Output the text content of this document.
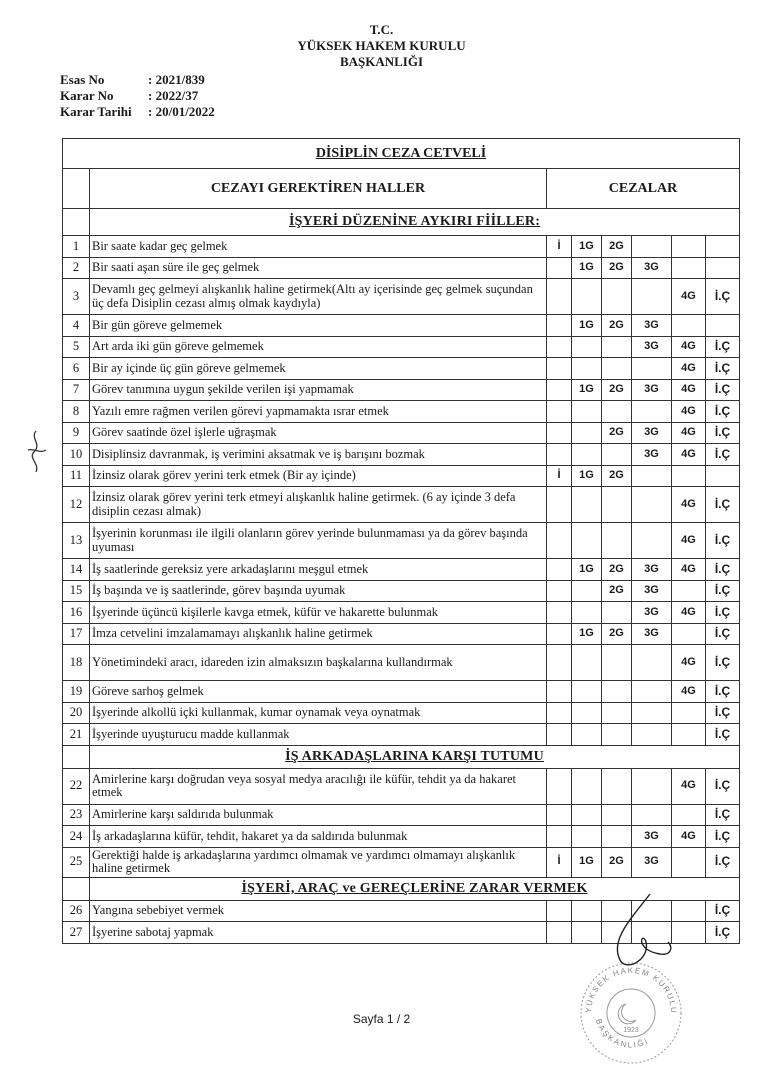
T.C.
YÜKSEK HAKEM KURULU
BAŞKANLIĞI
Esas No	: 2021/839
Karar No	: 2022/37
Karar Tarihi	: 20/01/2022
DİSİPLİN CEZA CETVELİ							
	CEZAYI GEREKTİREN HALLER	CEZALAR					
	İŞYERİ DÜZENİNE AYKIRI FİİLLER:						
1	Bir saate kadar geç gelmek	İ	1G	2G			
2	Bir saati aşan süre ile geç gelmek		1G	2G	3G		
3	Devamlı geç gelmeyi alışkanlık haline getirmek(Altı ay içerisinde geç gelmek suçundan üç defa Disiplin cezası almış olmak kaydıyla)					4G	İ.Ç
4	Bir gün göreve gelmemek		1G	2G	3G		
5	Art arda iki gün göreve gelmemek				3G	4G	İ.Ç
6	Bir ay içinde üç gün göreve gelmemek					4G	İ.Ç
7	Görev tanımına uygun şekilde verilen işi yapmamak		1G	2G	3G	4G	İ.Ç
8	Yazılı emre rağmen verilen görevi yapmamakta ısrar etmek					4G	İ.Ç
9	Görev saatinde özel işlerle uğraşmak			2G	3G	4G	İ.Ç
10	Disiplinsiz davranmak, iş verimini aksatmak ve iş barışını bozmak				3G	4G	İ.Ç
11	İzinsiz olarak görev yerini terk etmek (Bir ay içinde)	İ	1G	2G			
12	İzinsiz olarak görev yerini terk etmeyi alışkanlık haline getirmek. (6 ay içinde 3 defa disiplin cezası almak)					4G	İ.Ç
13	İşyerinin korunması ile ilgili olanların görev yerinde bulunmaması ya da görev başında uyuması					4G	İ.Ç
14	İş saatlerinde gereksiz yere arkadaşlarını meşgul etmek		1G	2G	3G	4G	İ.Ç
15	İş başında ve iş saatlerinde, görev başında uyumak			2G	3G		İ.Ç
16	İşyerinde üçüncü kişilerle kavga etmek, küfür ve hakarette bulunmak				3G	4G	İ.Ç
17	İmza cetvelini imzalamamayı alışkanlık haline getirmek		1G	2G	3G		İ.Ç
18	Yönetimindeki aracı, idareden izin almaksızın başkalarına kullandırmak					4G	İ.Ç
19	Göreve sarhoş gelmek					4G	İ.Ç
20	İşyerinde alkollü içki kullanmak, kumar oynamak veya oynatmak						İ.Ç
21	İşyerinde uyuşturucu madde kullanmak						İ.Ç
	İŞ ARKADAŞLARINA KARŞI TUTUMU						
22	Amirlerine karşı doğrudan veya sosyal medya aracılığı ile küfür, tehdit ya da hakaret etmek					4G	İ.Ç
23	Amirlerine karşı saldırıda bulunmak						İ.Ç
24	İş arkadaşlarına küfür, tehdit, hakaret ya da saldırıda bulunmak				3G	4G	İ.Ç
25	Gerektiği halde iş arkadaşlarına yardımcı olmamak ve yardımcı olmamayı alışkanlık haline getirmek	İ	1G	2G	3G		İ.Ç
	İŞYERİ, ARAÇ ve GEREÇLERİNE ZARAR VERMEK						
26	Yangına sebebiyet vermek						İ.Ç
27	İşyerine sabotaj yapmak						İ.Ç
YÜKSEK HAKEM KURULU
BAŞKANLIĞI
1923
Sayfa 1 / 2
